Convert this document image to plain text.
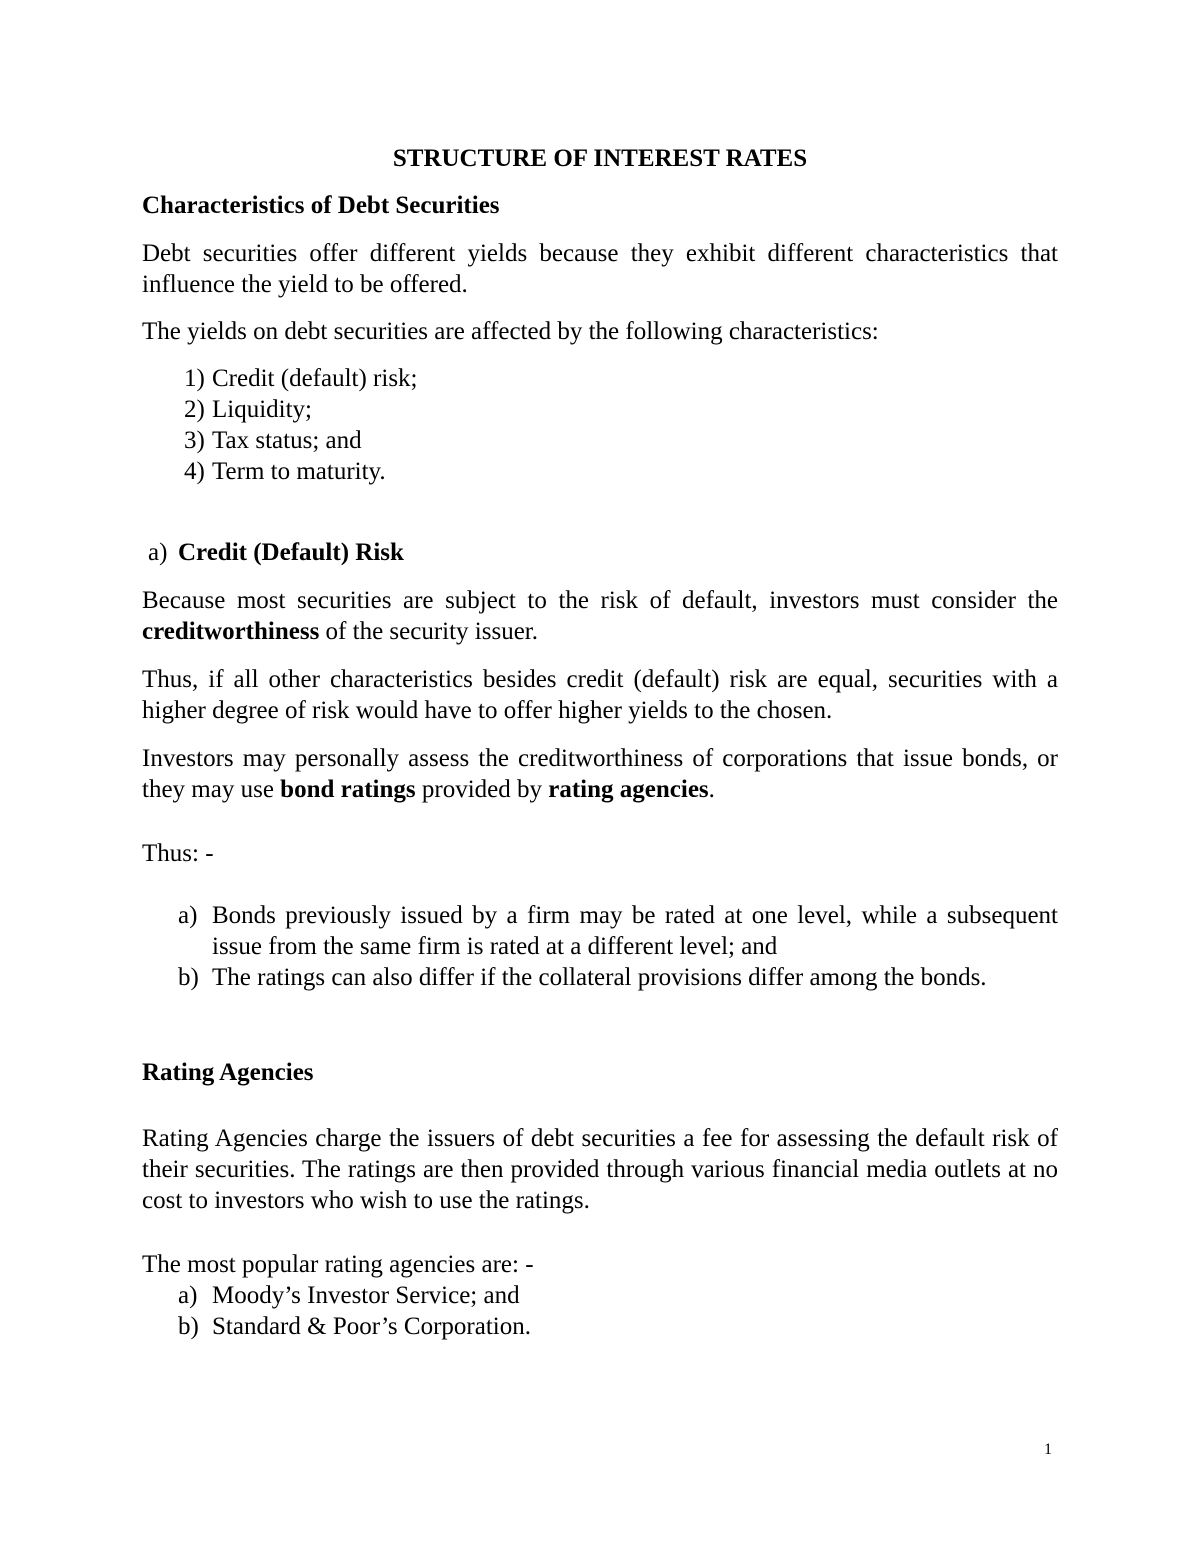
STRUCTURE OF INTEREST RATES
Characteristics of Debt Securities

Debt securities offer different yields because they exhibit different characteristics that influence the yield to be offered.

The yields on debt securities are affected by the following characteristics:

1) Credit (default) risk;
2) Liquidity;
3) Tax status; and
4) Term to maturity.
a) Credit (Default) Risk

Because most securities are subject to the risk of default, investors must consider the creditworthiness of the security issuer.

Thus, if all other characteristics besides credit (default) risk are equal, securities with a higher degree of risk would have to offer higher yields to the chosen.

Investors may personally assess the creditworthiness of corporations that issue bonds, or they may use bond ratings provided by rating agencies.

Thus: -
a) Bonds previously issued by a firm may be rated at one level, while a subsequent issue from the same firm is rated at a different level; and
b) The ratings can also differ if the collateral provisions differ among the bonds.
Rating Agencies

Rating Agencies charge the issuers of debt securities a fee for assessing the default risk of their securities. The ratings are then provided through various financial media outlets at no cost to investors who wish to use the ratings.

The most popular rating agencies are: -
a) Moody’s Investor Service; and
b) Standard & Poor’s Corporation.
1
